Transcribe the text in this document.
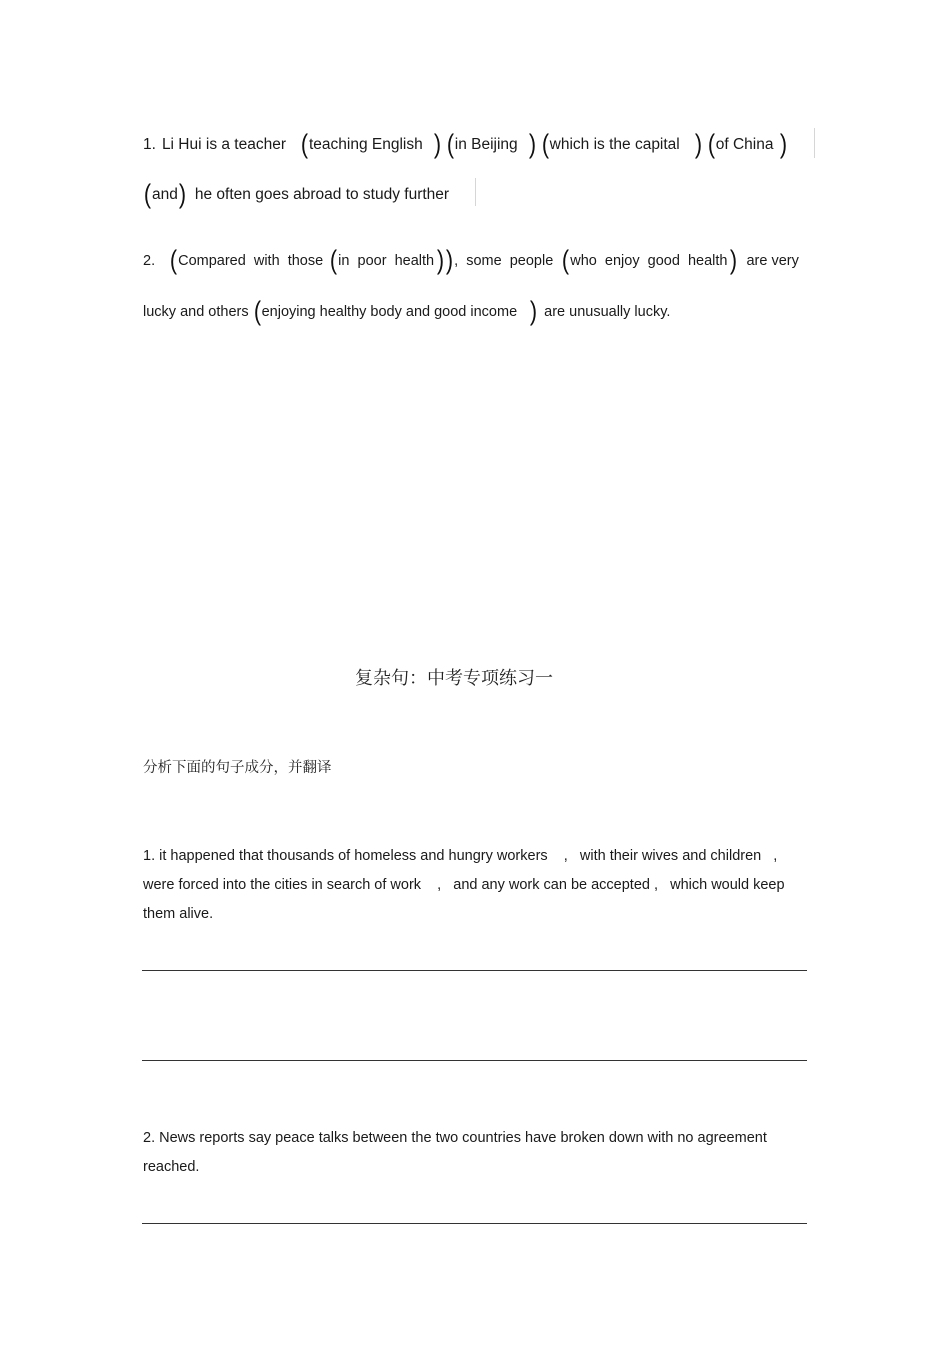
1. Li Hui is a teacher ( teaching English ) ( in Beijing ) ( which is the capital ) ( of China )
( and ) he often goes abroad to study further
2. ( Compared  with  those ( in  poor  health ) ) ,  some  people ( who  enjoy  good  health ) are very
lucky and others ( enjoying healthy body and good income ) are unusually lucky.
复杂句：中考专项练习一
分析下面的句子成分，并翻译
1. it happened that thousands of homeless and hungry workers    ,   with their wives and children   ,
were forced into the cities in search of work    ,   and any work can be accepted ,   which would keep
them alive.
2. News reports say peace talks between the two countries have broken down with no agreement
reached.
